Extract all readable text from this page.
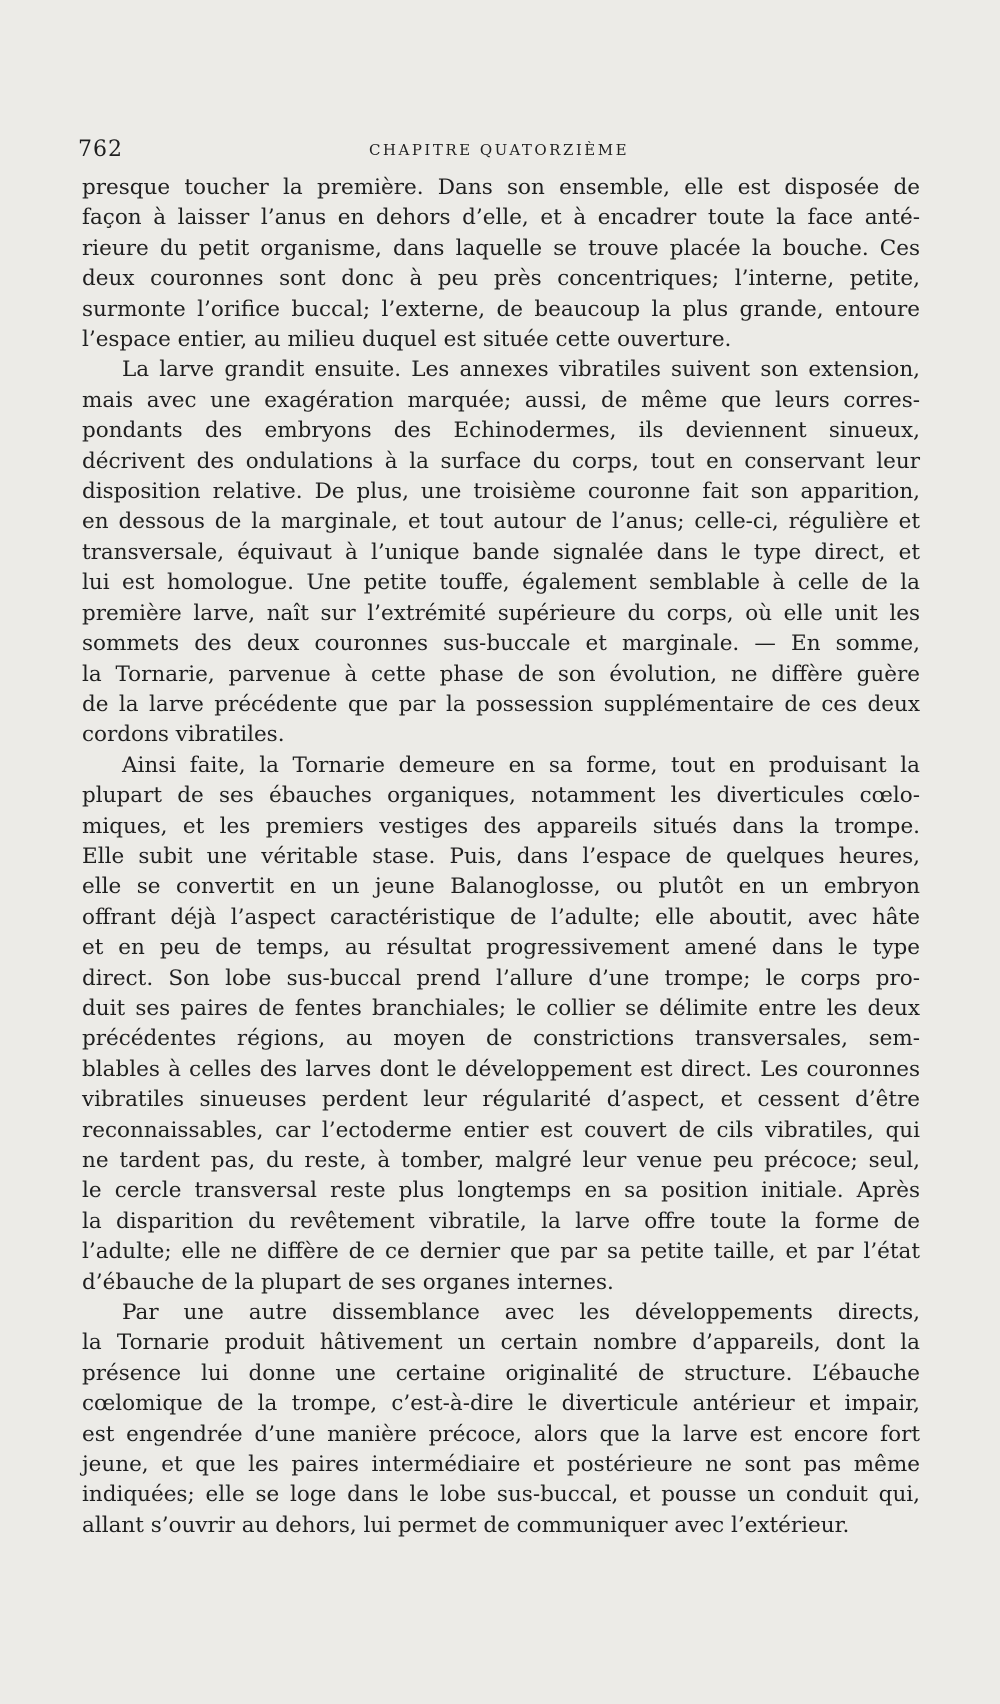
762	CHAPITRE QUATORZIÈME
presque toucher la première. Dans son ensemble, elle est disposée de
façon à laisser l’anus en dehors d’elle, et à encadrer toute la face anté-
rieure du petit organisme, dans laquelle se trouve placée la bouche. Ces
deux couronnes sont donc à peu près concentriques; l’interne, petite,
surmonte l’orifice buccal; l’externe, de beaucoup la plus grande, entoure
l’espace entier, au milieu duquel est située cette ouverture.
La larve grandit ensuite. Les annexes vibratiles suivent son extension,
mais avec une exagération marquée; aussi, de même que leurs corres-
pondants des embryons des Echinodermes, ils deviennent sinueux,
décrivent des ondulations à la surface du corps, tout en conservant leur
disposition relative. De plus, une troisième couronne fait son apparition,
en dessous de la marginale, et tout autour de l’anus; celle-ci, régulière et
transversale, équivaut à l’unique bande signalée dans le type direct, et
lui est homologue. Une petite touffe, également semblable à celle de la
première larve, naît sur l’extrémité supérieure du corps, où elle unit les
sommets des deux couronnes sus-buccale et marginale. — En somme,
la Tornarie, parvenue à cette phase de son évolution, ne diffère guère
de la larve précédente que par la possession supplémentaire de ces deux
cordons vibratiles.
Ainsi faite, la Tornarie demeure en sa forme, tout en produisant la
plupart de ses ébauches organiques, notamment les diverticules cœlo-
miques, et les premiers vestiges des appareils situés dans la trompe.
Elle subit une véritable stase. Puis, dans l’espace de quelques heures,
elle se convertit en un jeune Balanoglosse, ou plutôt en un embryon
offrant déjà l’aspect caractéristique de l’adulte; elle aboutit, avec hâte
et en peu de temps, au résultat progressivement amené dans le type
direct. Son lobe sus-buccal prend l’allure d’une trompe; le corps pro-
duit ses paires de fentes branchiales; le collier se délimite entre les deux
précédentes régions, au moyen de constrictions transversales, sem-
blables à celles des larves dont le développement est direct. Les couronnes
vibratiles sinueuses perdent leur régularité d’aspect, et cessent d’être
reconnaissables, car l’ectoderme entier est couvert de cils vibratiles, qui
ne tardent pas, du reste, à tomber, malgré leur venue peu précoce; seul,
le cercle transversal reste plus longtemps en sa position initiale. Après
la disparition du revêtement vibratile, la larve offre toute la forme de
l’adulte; elle ne diffère de ce dernier que par sa petite taille, et par l’état
d’ébauche de la plupart de ses organes internes.
Par une autre dissemblance avec les développements directs,
la Tornarie produit hâtivement un certain nombre d’appareils, dont la
présence lui donne une certaine originalité de structure. L’ébauche
cœlomique de la trompe, c’est-à-dire le diverticule antérieur et impair,
est engendrée d’une manière précoce, alors que la larve est encore fort
jeune, et que les paires intermédiaire et postérieure ne sont pas même
indiquées; elle se loge dans le lobe sus-buccal, et pousse un conduit qui,
allant s’ouvrir au dehors, lui permet de communiquer avec l’extérieur.
